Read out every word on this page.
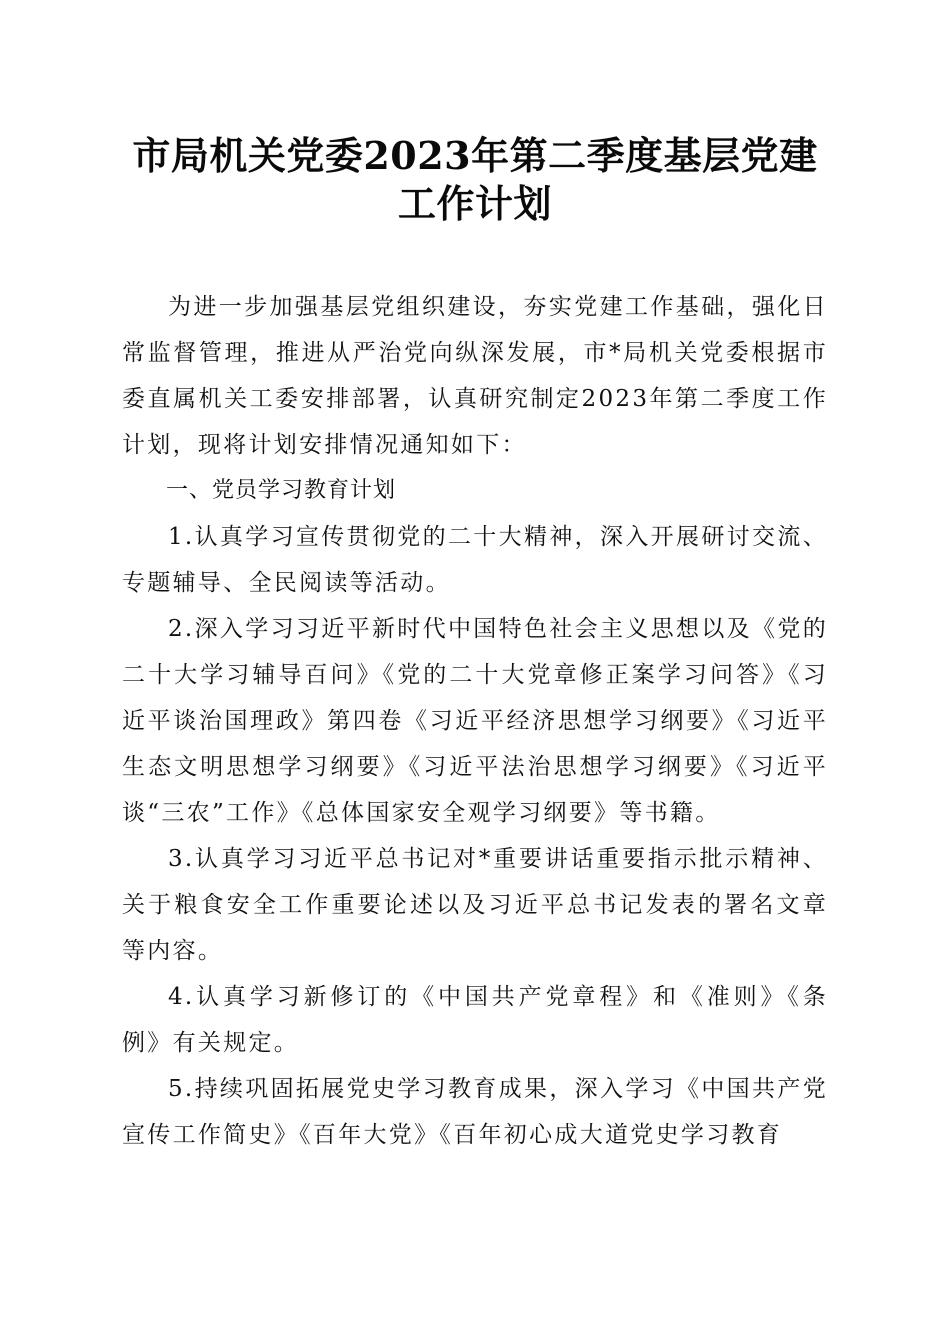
市局机关党委2023年第二季度基层党建工作计划

为进一步加强基层党组织建设，夯实党建工作基础，强化日常监督管理，推进从严治党向纵深发展，市*局机关党委根据市委直属机关工委安排部署，认真研究制定2023年第二季度工作计划，现将计划安排情况通知如下：

一、党员学习教育计划

1.认真学习宣传贯彻党的二十大精神，深入开展研讨交流、专题辅导、全民阅读等活动。

2.深入学习习近平新时代中国特色社会主义思想以及《党的二十大学习辅导百问》《党的二十大党章修正案学习问答》《习近平谈治国理政》第四卷《习近平经济思想学习纲要》《习近平生态文明思想学习纲要》《习近平法治思想学习纲要》《习近平谈“三农”工作》《总体国家安全观学习纲要》等书籍。

3.认真学习习近平总书记对*重要讲话重要指示批示精神、关于粮食安全工作重要论述以及习近平总书记发表的署名文章等内容。

4.认真学习新修订的《中国共产党章程》和《准则》《条例》有关规定。

5.持续巩固拓展党史学习教育成果，深入学习《中国共产党宣传工作简史》《百年大党》《百年初心成大道党史学习教育
